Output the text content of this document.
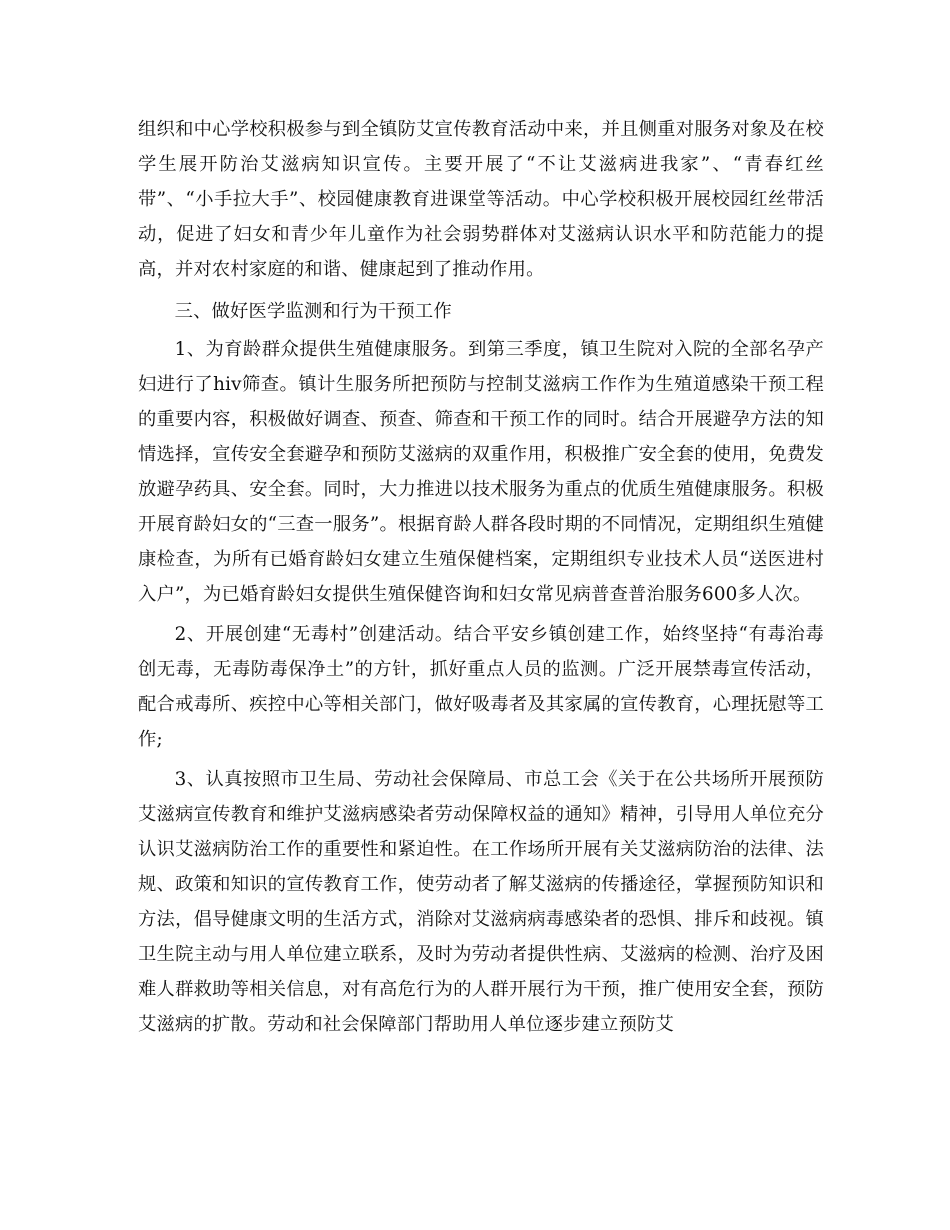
组织和中心学校积极参与到全镇防艾宣传教育活动中来，并且侧重对服务对象及在校学生展开防治艾滋病知识宣传。主要开展了“不让艾滋病进我家”、“青春红丝带”、“小手拉大手”、校园健康教育进课堂等活动。中心学校积极开展校园红丝带活动，促进了妇女和青少年儿童作为社会弱势群体对艾滋病认识水平和防范能力的提高，并对农村家庭的和谐、健康起到了推动作用。

三、做好医学监测和行为干预工作

1、为育龄群众提供生殖健康服务。到第三季度，镇卫生院对入院的全部名孕产妇进行了hiv筛查。镇计生服务所把预防与控制艾滋病工作作为生殖道感染干预工程的重要内容，积极做好调查、预查、筛查和干预工作的同时。结合开展避孕方法的知情选择，宣传安全套避孕和预防艾滋病的双重作用，积极推广安全套的使用，免费发放避孕药具、安全套。同时，大力推进以技术服务为重点的优质生殖健康服务。积极开展育龄妇女的“三查一服务”。根据育龄人群各段时期的不同情况，定期组织生殖健康检查，为所有已婚育龄妇女建立生殖保健档案，定期组织专业技术人员“送医进村入户”，为已婚育龄妇女提供生殖保健咨询和妇女常见病普查普治服务600多人次。

2、开展创建“无毒村”创建活动。结合平安乡镇创建工作，始终坚持“有毒治毒创无毒，无毒防毒保净土”的方针，抓好重点人员的监测。广泛开展禁毒宣传活动，配合戒毒所、疾控中心等相关部门，做好吸毒者及其家属的宣传教育，心理抚慰等工作;

3、认真按照市卫生局、劳动社会保障局、市总工会《关于在公共场所开展预防艾滋病宣传教育和维护艾滋病感染者劳动保障权益的通知》精神，引导用人单位充分认识艾滋病防治工作的重要性和紧迫性。在工作场所开展有关艾滋病防治的法律、法规、政策和知识的宣传教育工作，使劳动者了解艾滋病的传播途径，掌握预防知识和方法，倡导健康文明的生活方式，消除对艾滋病病毒感染者的恐惧、排斥和歧视。镇卫生院主动与用人单位建立联系，及时为劳动者提供性病、艾滋病的检测、治疗及困难人群救助等相关信息，对有高危行为的人群开展行为干预，推广使用安全套，预防艾滋病的扩散。劳动和社会保障部门帮助用人单位逐步建立预防艾
